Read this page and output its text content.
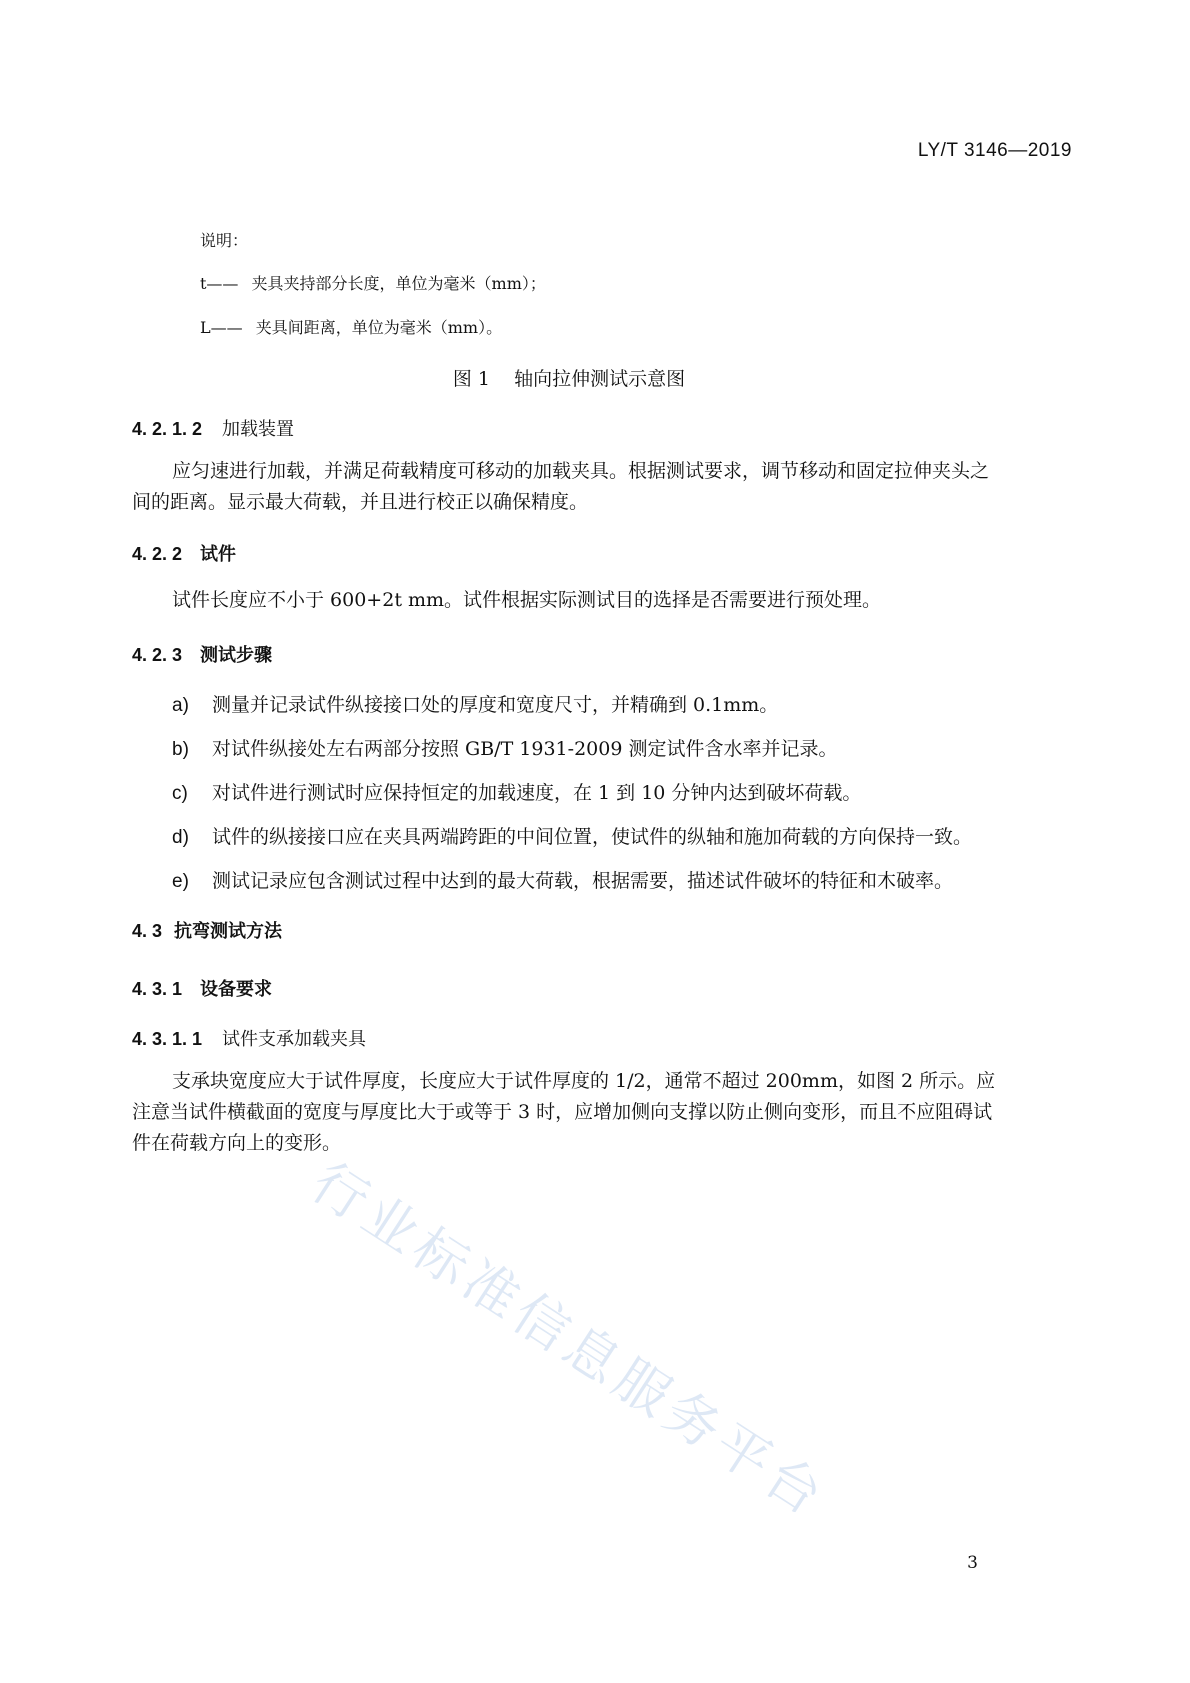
LY/T 3146—2019
说明：
t—— 夹具夹持部分长度，单位为毫米（mm）；
L—— 夹具间距离，单位为毫米（mm）。
图 1    轴向拉伸测试示意图
4. 2. 1. 2 加载装置
应匀速进行加载，并满足荷载精度可移动的加载夹具。根据测试要求，调节移动和固定拉伸夹头之间的距离。显示最大荷载，并且进行校正以确保精度。
4. 2. 2 试件
试件长度应不小于 600+2t mm。试件根据实际测试目的选择是否需要进行预处理。
4. 2. 3 测试步骤
a) 测量并记录试件纵接接口处的厚度和宽度尺寸，并精确到 0.1mm。
b) 对试件纵接处左右两部分按照 GB/T 1931-2009 测定试件含水率并记录。
c) 对试件进行测试时应保持恒定的加载速度，在 1 到 10 分钟内达到破坏荷载。
d) 试件的纵接接口应在夹具两端跨距的中间位置，使试件的纵轴和施加荷载的方向保持一致。
e) 测试记录应包含测试过程中达到的最大荷载，根据需要，描述试件破坏的特征和木破率。
4. 3 抗弯测试方法
4. 3. 1 设备要求
4. 3. 1. 1 试件支承加载夹具
支承块宽度应大于试件厚度，长度应大于试件厚度的 1/2，通常不超过 200mm，如图 2 所示。应注意当试件横截面的宽度与厚度比大于或等于 3 时，应增加侧向支撑以防止侧向变形，而且不应阻碍试件在荷载方向上的变形。
行业标准信息服务平台
3
